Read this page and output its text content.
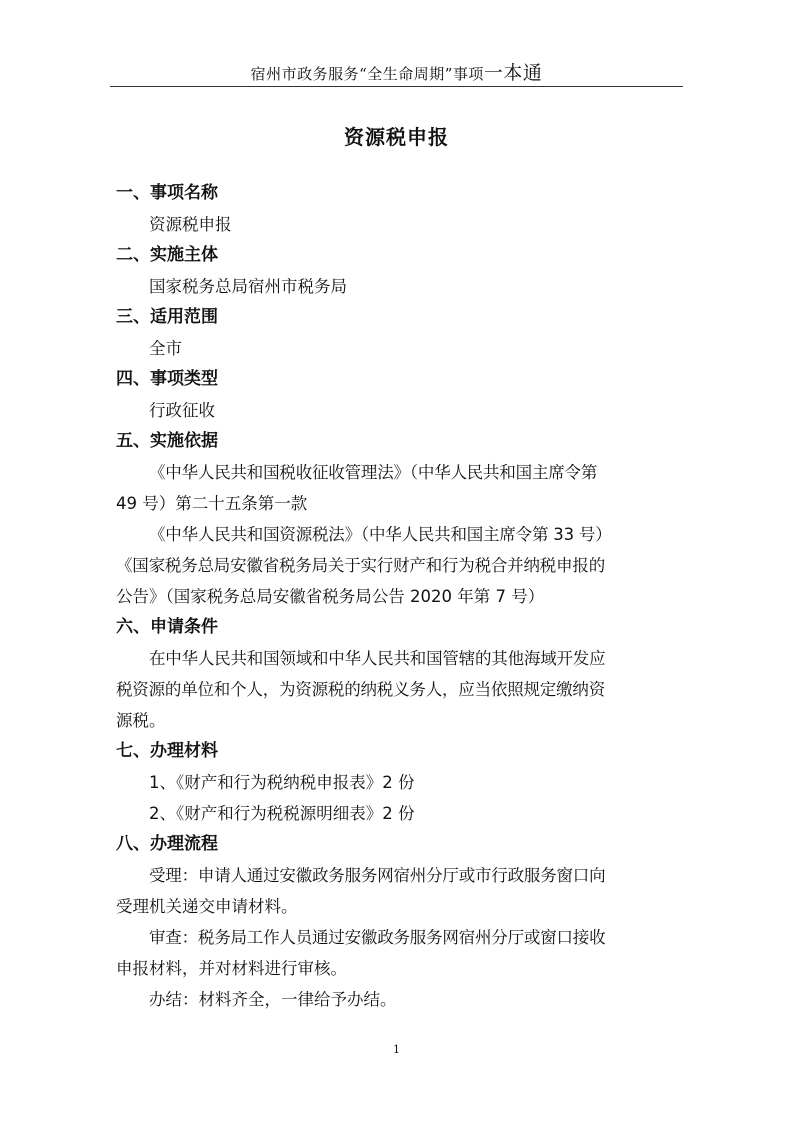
宿州市政务服务“全生命周期”事项一本通
资源税申报
一、事项名称
资源税申报
二、实施主体
国家税务总局宿州市税务局
三、适用范围
全市
四、事项类型
行政征收
五、实施依据
《中华人民共和国税收征收管理法》（中华人民共和国主席令第
49 号）第二十五条第一款
《中华人民共和国资源税法》（中华人民共和国主席令第 33 号）
《国家税务总局安徽省税务局关于实行财产和行为税合并纳税申报的
公告》（国家税务总局安徽省税务局公告 2020 年第 7 号）
六、申请条件
在中华人民共和国领域和中华人民共和国管辖的其他海域开发应
税资源的单位和个人，为资源税的纳税义务人，应当依照规定缴纳资
源税。
七、办理材料
1、《财产和行为税纳税申报表》2 份
2、《财产和行为税税源明细表》2 份
八、办理流程
受理：申请人通过安徽政务服务网宿州分厅或市行政服务窗口向
受理机关递交申请材料。
审查：税务局工作人员通过安徽政务服务网宿州分厅或窗口接收
申报材料，并对材料进行审核。
办结：材料齐全，一律给予办结。
1
